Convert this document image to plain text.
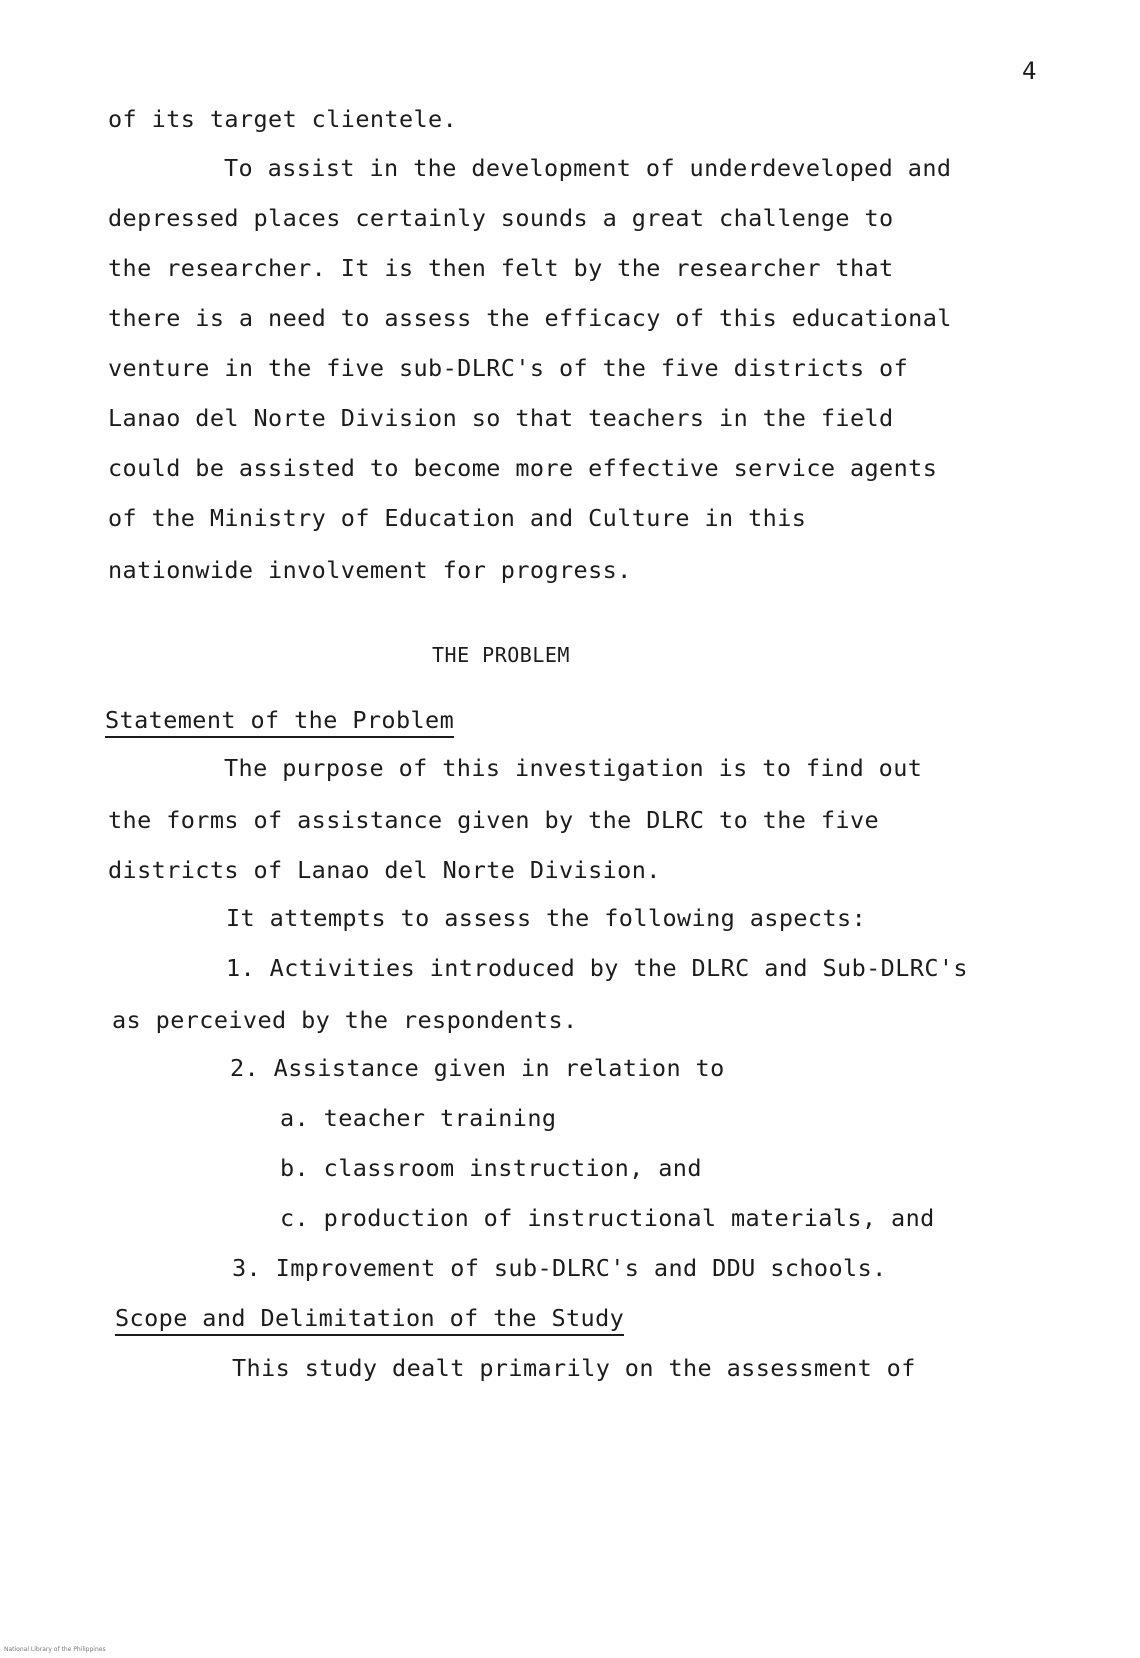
4
of its target clientele.
To assist in the development of underdeveloped and
depressed places certainly sounds a great challenge to
the researcher. It is then felt by the researcher that
there is a need to assess the efficacy of this educational
venture in the five sub-DLRC's of the five districts of
Lanao del Norte Division so that teachers in the field
could be assisted to become more effective service agents
of the Ministry of Education and Culture in this
nationwide involvement for progress.
THE PROBLEM
Statement of the Problem
The purpose of this investigation is to find out
the forms of assistance given by the DLRC to the five
districts of Lanao del Norte Division.
It attempts to assess the following aspects:
1. Activities introduced by the DLRC and Sub-DLRC's
as perceived by the respondents.
2. Assistance given in relation to
a. teacher training
b. classroom instruction, and
c. production of instructional materials, and
3. Improvement of sub-DLRC's and DDU schools.
Scope and Delimitation of the Study
This study dealt primarily on the assessment of
National Library of the Philippines
